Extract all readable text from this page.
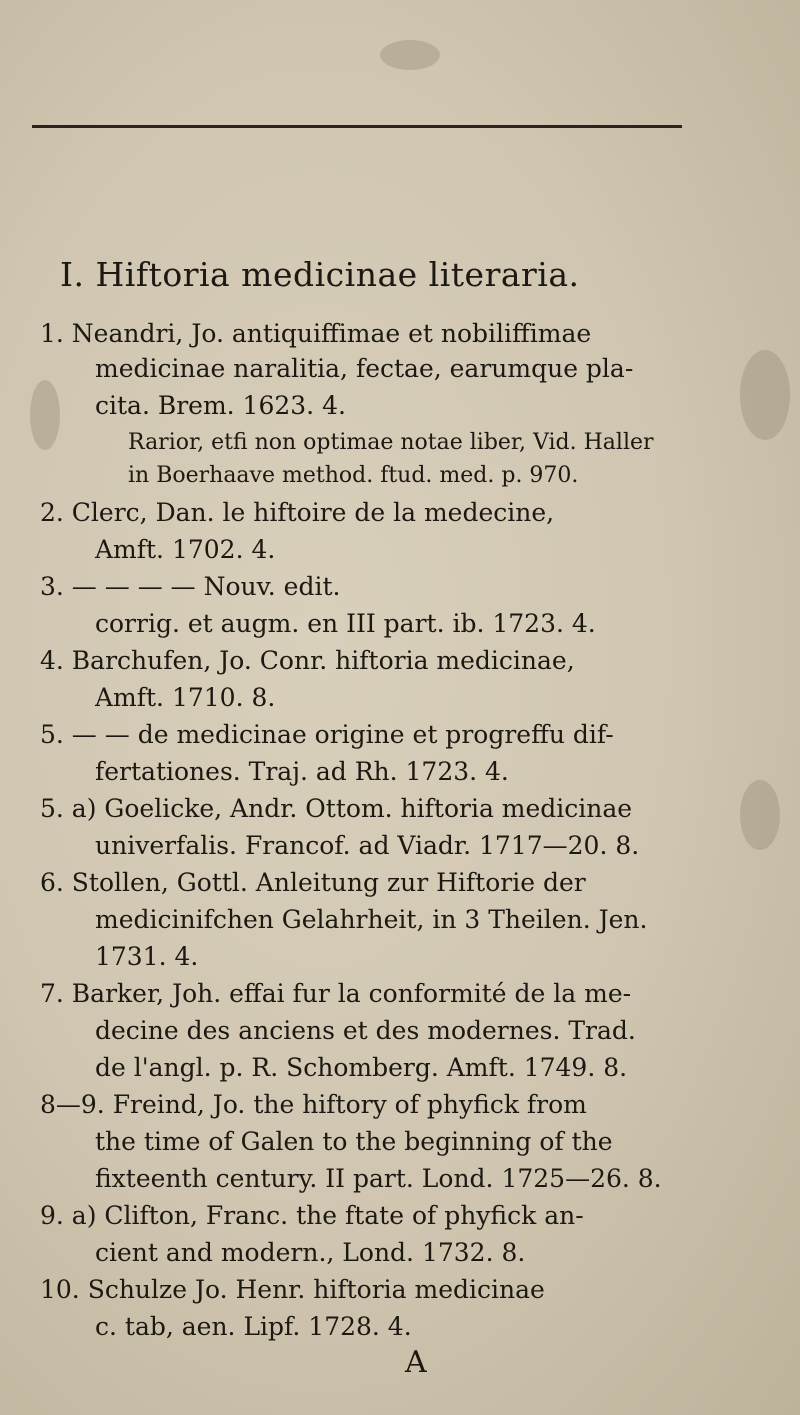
I. Hiftoria medicinae literaria.
1. Neandri, Jo. antiquiffimae et nobiliffimae
medicinae naralitia, fectae, earumque pla-
cita. Brem. 1623. 4.
Rarior, etfi non optimae notae liber, Vid. Haller
in Boerhaave method. ftud. med. p. 970.
2. Clerc, Dan. le hiftoire de la medecine,
Amft. 1702. 4.
3. — — — — Nouv. edit.
corrig. et augm. en III part. ib. 1723. 4.
4. Barchufen, Jo. Conr. hiftoria medicinae,
Amft. 1710. 8.
5. — — de medicinae origine et progreffu dif-
fertationes. Traj. ad Rh. 1723. 4.
5. a) Goelicke, Andr. Ottom. hiftoria medicinae
univerfalis. Francof. ad Viadr. 1717—20. 8.
6. Stollen, Gottl. Anleitung zur Hiftorie der
medicinifchen Gelahrheit, in 3 Theilen. Jen.
1731. 4.
7. Barker, Joh. effai fur la conformité de la me-
decine des anciens et des modernes. Trad.
de l'angl. p. R. Schomberg. Amft. 1749. 8.
8—9. Freind, Jo. the hiftory of phyfick from
the time of Galen to the beginning of the
fixteenth century. II part. Lond. 1725—26. 8.
9. a) Clifton, Franc. the ftate of phyfick an-
cient and modern., Lond. 1732. 8.
10. Schulze Jo. Henr. hiftoria medicinae
c. tab, aen. Lipf. 1728. 4.
A
